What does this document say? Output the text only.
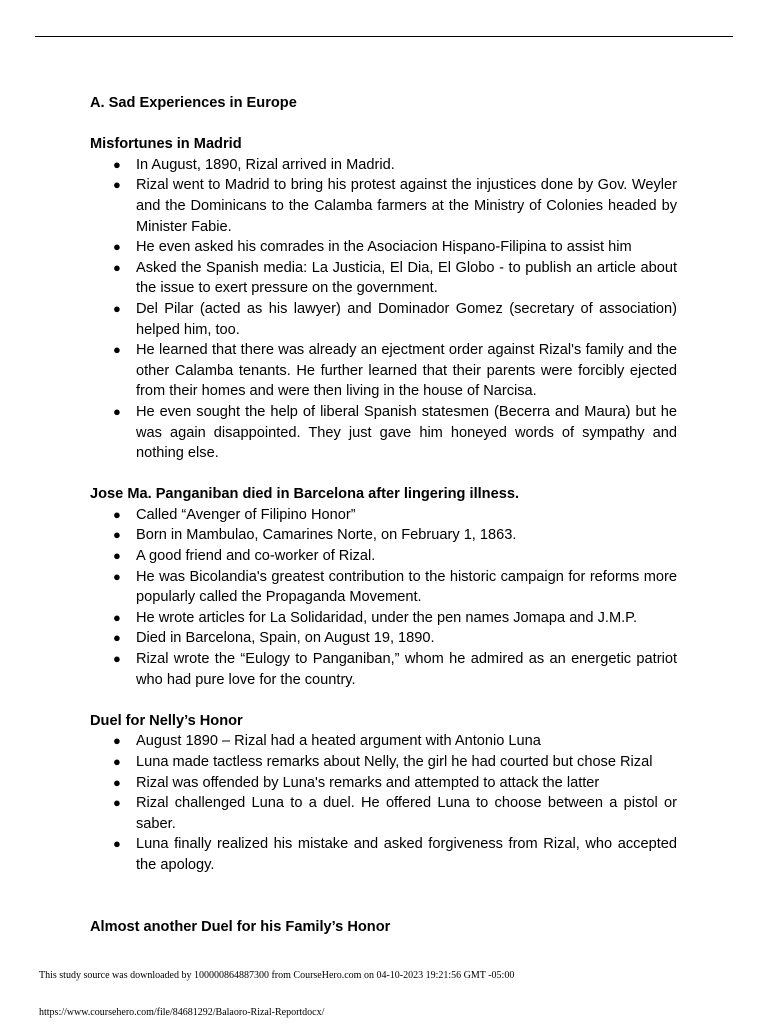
A. Sad Experiences in Europe

Misfortunes in Madrid

● In August, 1890, Rizal arrived in Madrid.
● Rizal went to Madrid to bring his protest against the injustices done by Gov. Weyler and the Dominicans to the Calamba farmers at the Ministry of Colonies headed by Minister Fabie.
● He even asked his comrades in the Asociacion Hispano-Filipina to assist him
● Asked the Spanish media: La Justicia, El Dia, El Globo - to publish an article about the issue to exert pressure on the government.
● Del Pilar (acted as his lawyer) and Dominador Gomez (secretary of association) helped him, too.
● He learned that there was already an ejectment order against Rizal's family and the other Calamba tenants. He further learned that their parents were forcibly ejected from their homes and were then living in the house of Narcisa.
● He even sought the help of liberal Spanish statesmen (Becerra and Maura) but he was again disappointed. They just gave him honeyed words of sympathy and nothing else.

Jose Ma. Panganiban died in Barcelona after lingering illness.

● Called “Avenger of Filipino Honor”
● Born in Mambulao, Camarines Norte, on February 1, 1863.
● A good friend and co-worker of Rizal.
● He was Bicolandia's greatest contribution to the historic campaign for reforms more popularly called the Propaganda Movement.
● He wrote articles for La Solidaridad, under the pen names Jomapa and J.M.P.
● Died in Barcelona, Spain, on August 19, 1890.
● Rizal wrote the “Eulogy to Panganiban,” whom he admired as an energetic patriot who had pure love for the country.

Duel for Nelly’s Honor

● August 1890 – Rizal had a heated argument with Antonio Luna
● Luna made tactless remarks about Nelly, the girl he had courted but chose Rizal
● Rizal was offended by Luna's remarks and attempted to attack the latter
● Rizal challenged Luna to a duel. He offered Luna to choose between a pistol or saber.
● Luna finally realized his mistake and asked forgiveness from Rizal, who accepted the apology.

Almost another Duel for his Family’s Honor

This study source was downloaded by 100000864887300 from CourseHero.com on 04-10-2023 19:21:56 GMT -05:00
https://www.coursehero.com/file/84681292/Balaoro-Rizal-Reportdocx/
